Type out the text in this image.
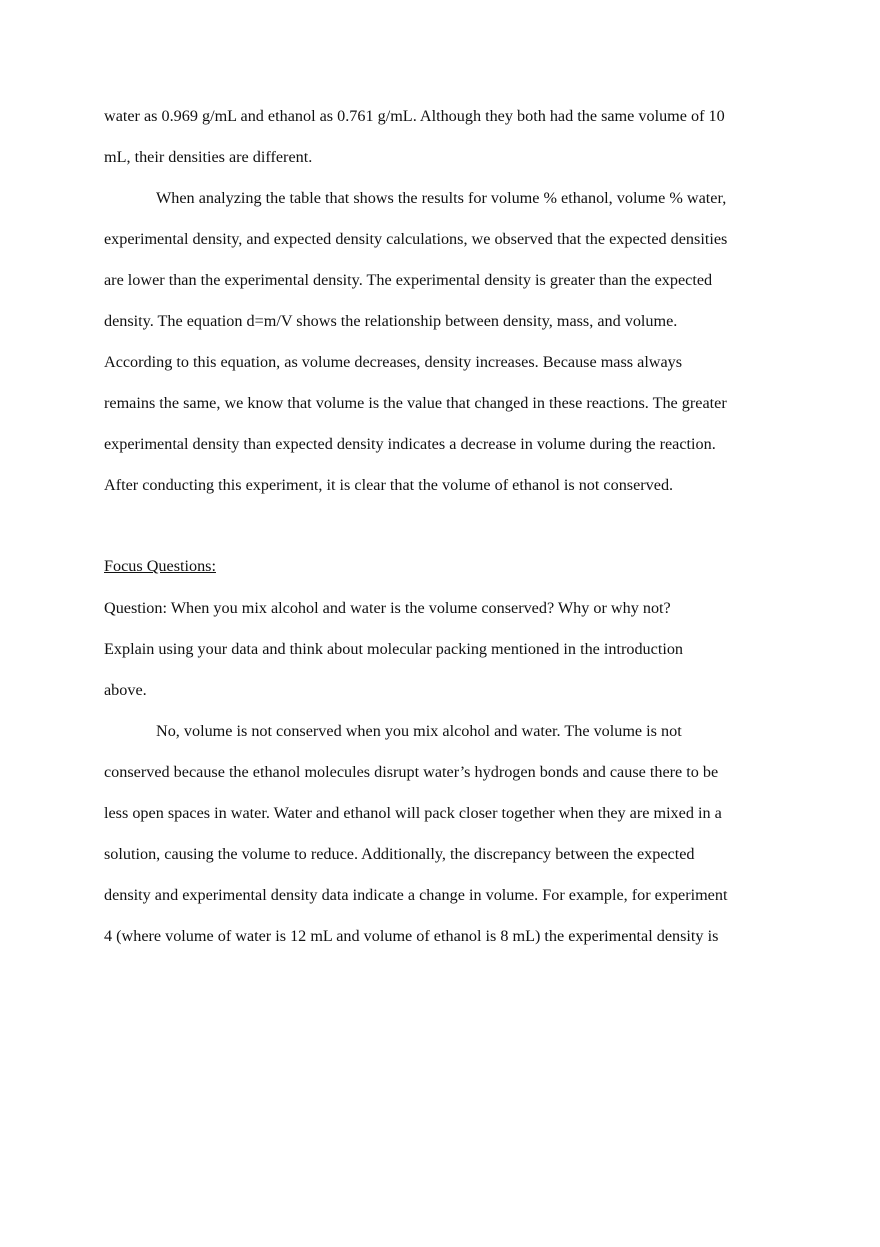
water as 0.969 g/mL and ethanol as 0.761 g/mL. Although they both had the same volume of 10
mL, their densities are different.
When analyzing the table that shows the results for volume % ethanol, volume % water,
experimental density, and expected density calculations, we observed that the expected densities
are lower than the experimental density. The experimental density is greater than the expected
density. The equation d=m/V shows the relationship between density, mass, and volume.
According to this equation, as volume decreases, density increases. Because mass always
remains the same, we know that volume is the value that changed in these reactions. The greater
experimental density than expected density indicates a decrease in volume during the reaction.
After conducting this experiment, it is clear that the volume of ethanol is not conserved.
Focus Questions:
Question: When you mix alcohol and water is the volume conserved? Why or why not?
Explain using your data and think about molecular packing mentioned in the introduction
above.
No, volume is not conserved when you mix alcohol and water. The volume is not
conserved because the ethanol molecules disrupt water’s hydrogen bonds and cause there to be
less open spaces in water. Water and ethanol will pack closer together when they are mixed in a
solution, causing the volume to reduce. Additionally, the discrepancy between the expected
density and experimental density data indicate a change in volume. For example, for experiment
4 (where volume of water is 12 mL and volume of ethanol is 8 mL) the experimental density is
